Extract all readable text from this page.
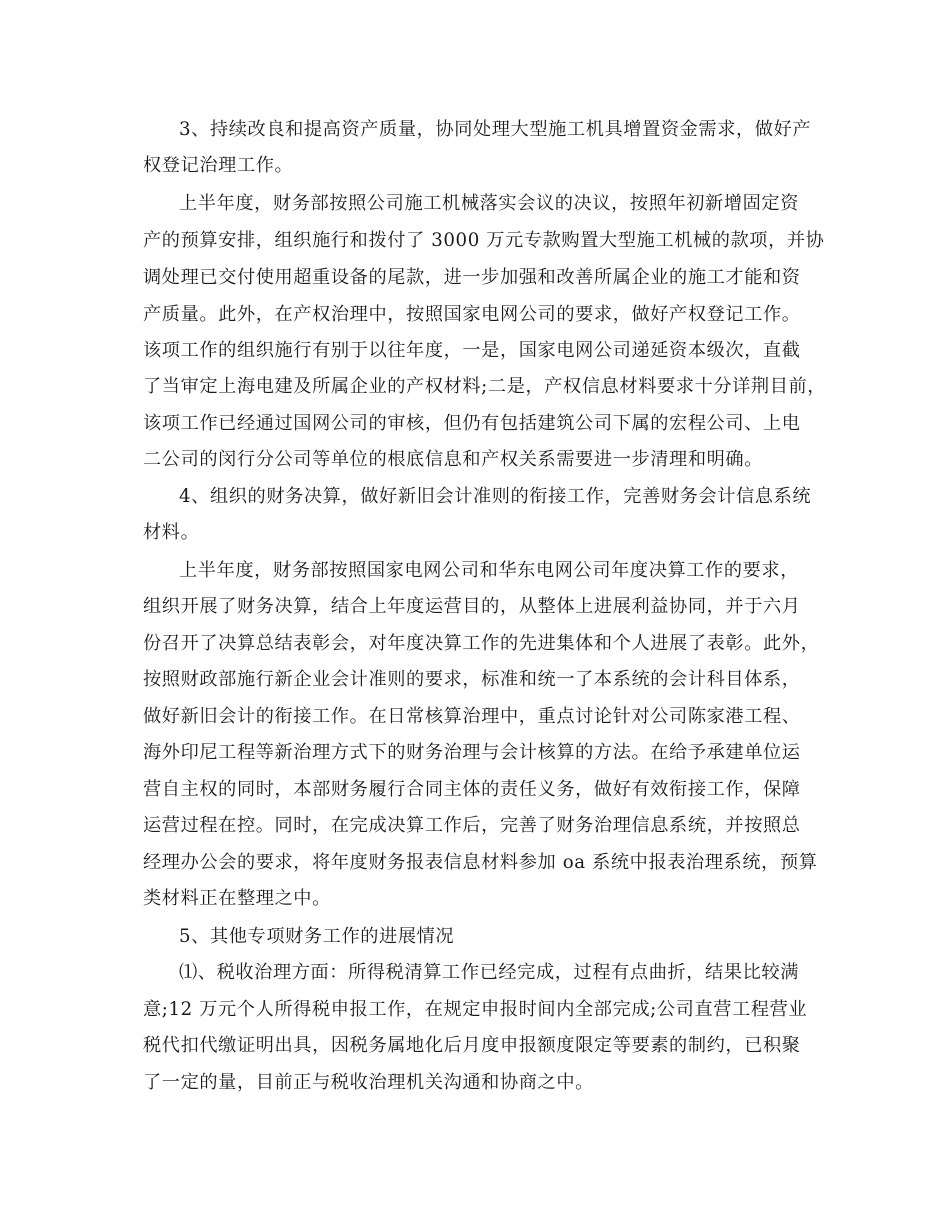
3、持续改良和提高资产质量，协同处理大型施工机具增置资金需求，做好产
权登记治理工作。
上半年度，财务部按照公司施工机械落实会议的决议，按照年初新增固定资
产的预算安排，组织施行和拨付了 3000 万元专款购置大型施工机械的款项，并协
调处理已交付使用超重设备的尾款，进一步加强和改善所属企业的施工才能和资
产质量。此外，在产权治理中，按照国家电网公司的要求，做好产权登记工作。
该项工作的组织施行有别于以往年度，一是，国家电网公司递延资本级次，直截
了当审定上海电建及所属企业的产权材料;二是，产权信息材料要求十分详荆目前，
该项工作已经通过国网公司的审核，但仍有包括建筑公司下属的宏程公司、上电
二公司的闵行分公司等单位的根底信息和产权关系需要进一步清理和明确。
4、组织的财务决算，做好新旧会计准则的衔接工作，完善财务会计信息系统
材料。
上半年度，财务部按照国家电网公司和华东电网公司年度决算工作的要求，
组织开展了财务决算，结合上年度运营目的，从整体上进展利益协同，并于六月
份召开了决算总结表彰会，对年度决算工作的先进集体和个人进展了表彰。此外，
按照财政部施行新企业会计准则的要求，标准和统一了本系统的会计科目体系，
做好新旧会计的衔接工作。在日常核算治理中，重点讨论针对公司陈家港工程、
海外印尼工程等新治理方式下的财务治理与会计核算的方法。在给予承建单位运
营自主权的同时，本部财务履行合同主体的责任义务，做好有效衔接工作，保障
运营过程在控。同时，在完成决算工作后，完善了财务治理信息系统，并按照总
经理办公会的要求，将年度财务报表信息材料参加 oa 系统中报表治理系统，预算
类材料正在整理之中。
5、其他专项财务工作的进展情况
⑴、税收治理方面：所得税清算工作已经完成，过程有点曲折，结果比较满
意;12 万元个人所得税申报工作，在规定申报时间内全部完成;公司直营工程营业
税代扣代缴证明出具，因税务属地化后月度申报额度限定等要素的制约，已积聚
了一定的量，目前正与税收治理机关沟通和协商之中。
